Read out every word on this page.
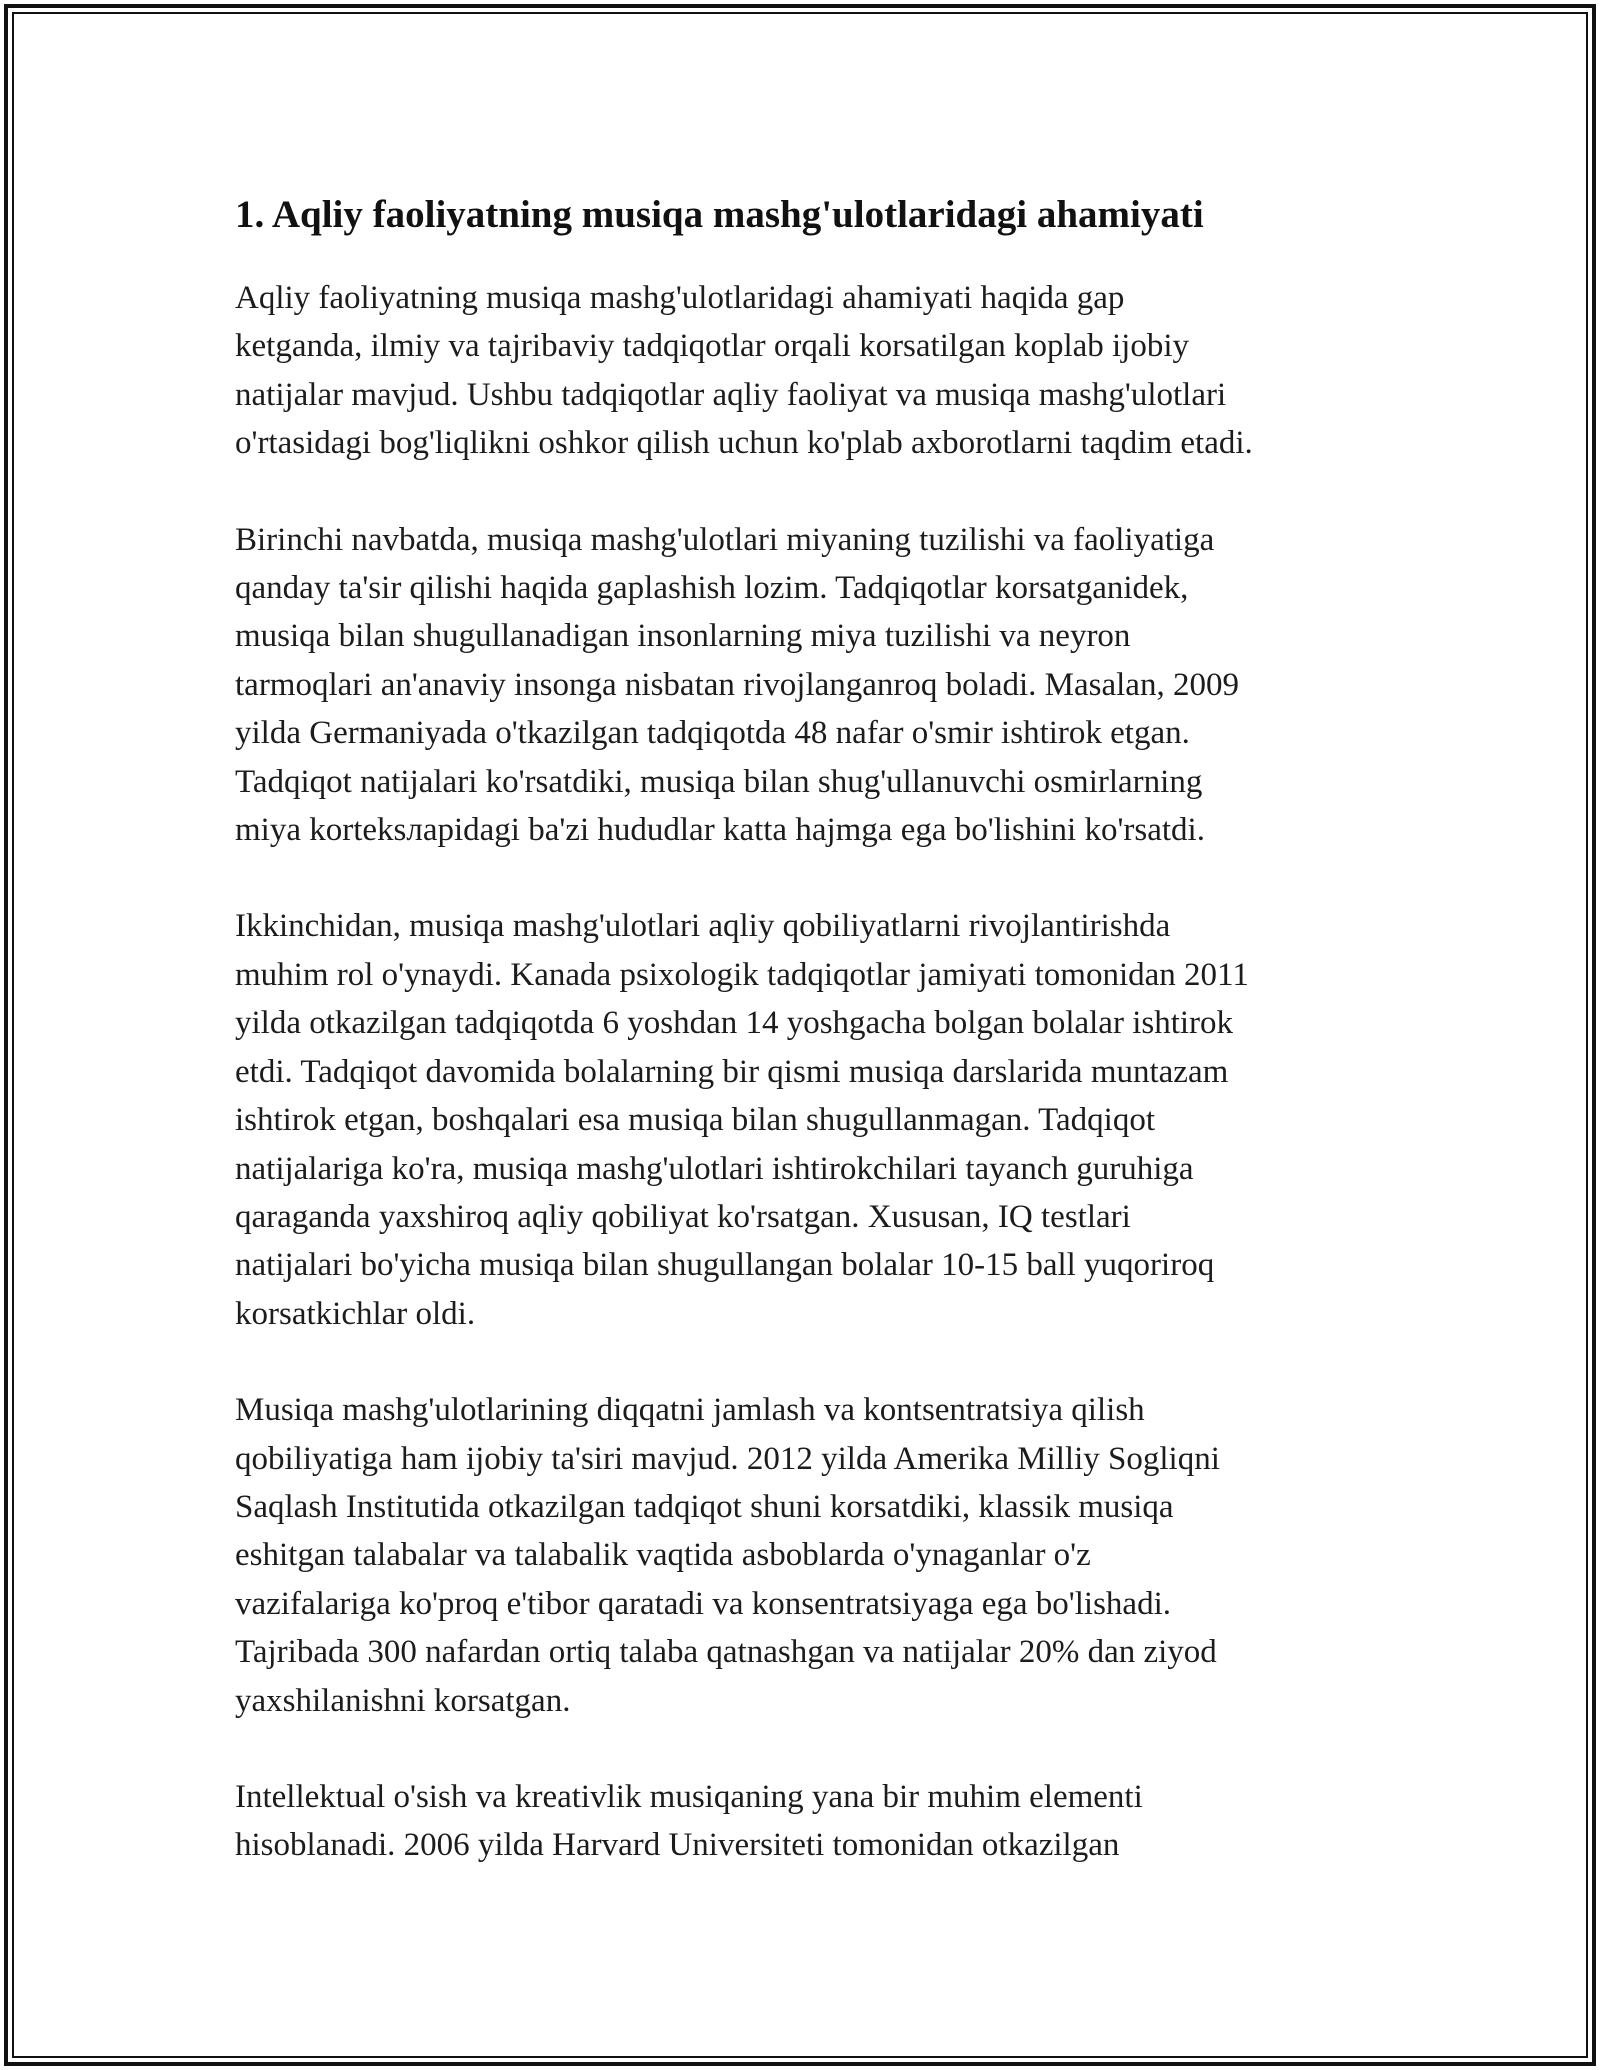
1. Aqliy faoliyatning musiqa mashg'ulotlaridagi ahamiyati
Aqliy faoliyatning musiqa mashg'ulotlaridagi ahamiyati haqida gap
ketganda, ilmiy va tajribaviy tadqiqotlar orqali korsatilgan koplab ijobiy
natijalar mavjud. Ushbu tadqiqotlar aqliy faoliyat va musiqa mashg'ulotlari
o'rtasidagi bog'liqlikni oshkor qilish uchun ko'plab axborotlarni taqdim etadi.
Birinchi navbatda, musiqa mashg'ulotlari miyaning tuzilishi va faoliyatiga
qanday ta'sir qilishi haqida gaplashish lozim. Tadqiqotlar korsatganidek,
musiqa bilan shugullanadigan insonlarning miya tuzilishi va neyron
tarmoqlari an'anaviy insonga nisbatan rivojlanganroq boladi. Masalan, 2009
yilda Germaniyada o'tkazilgan tadqiqotda 48 nafar o'smir ishtirok etgan.
Tadqiqot natijalari ko'rsatdiki, musiqa bilan shug'ullanuvchi osmirlarning
miya korteksларidagi ba'zi hududlar katta hajmga ega bo'lishini ko'rsatdi.
Ikkinchidan, musiqa mashg'ulotlari aqliy qobiliyatlarni rivojlantirishda
muhim rol o'ynaydi. Kanada psixologik tadqiqotlar jamiyati tomonidan 2011
yilda otkazilgan tadqiqotda 6 yoshdan 14 yoshgacha bolgan bolalar ishtirok
etdi. Tadqiqot davomida bolalarning bir qismi musiqa darslarida muntazam
ishtirok etgan, boshqalari esa musiqa bilan shugullanmagan. Tadqiqot
natijalariga ko'ra, musiqa mashg'ulotlari ishtirokchilari tayanch guruhiga
qaraganda yaxshiroq aqliy qobiliyat ko'rsatgan. Xususan, IQ testlari
natijalari bo'yicha musiqa bilan shugullangan bolalar 10-15 ball yuqoriroq
korsatkichlar oldi.
Musiqa mashg'ulotlarining diqqatni jamlash va kontsentratsiya qilish
qobiliyatiga ham ijobiy ta'siri mavjud. 2012 yilda Amerika Milliy Sogliqni
Saqlash Institutida otkazilgan tadqiqot shuni korsatdiki, klassik musiqa
eshitgan talabalar va talabalik vaqtida asboblarda o'ynaganlar o'z
vazifalariga ko'proq e'tibor qaratadi va konsentratsiyaga ega bo'lishadi.
Tajribada 300 nafardan ortiq talaba qatnashgan va natijalar 20% dan ziyod
yaxshilanishni korsatgan.
Intellektual o'sish va kreativlik musiqaning yana bir muhim elementi
hisoblanadi. 2006 yilda Harvard Universiteti tomonidan otkazilgan
